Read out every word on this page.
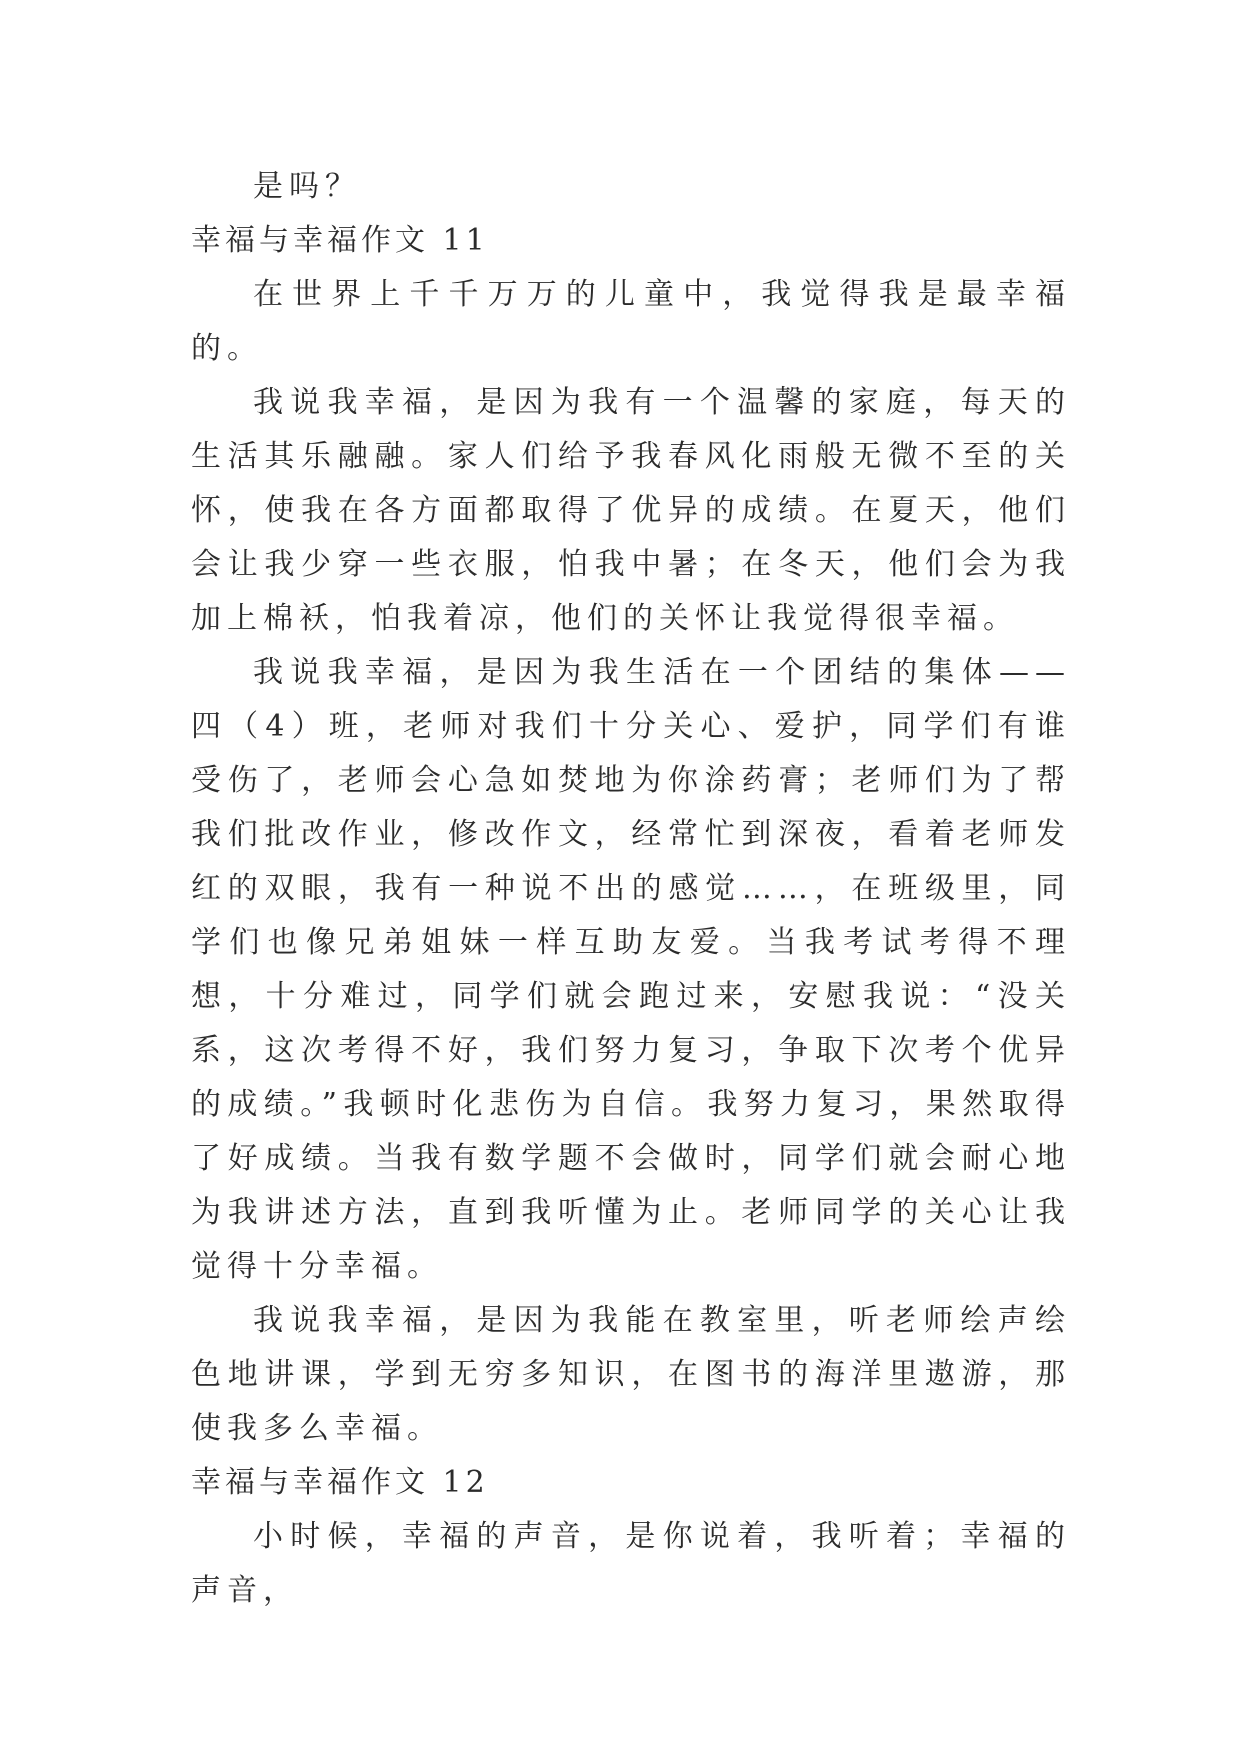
是吗？

幸福与幸福作文 11

在世界上千千万万的儿童中，我觉得我是最幸福的。

我说我幸福，是因为我有一个温馨的家庭，每天的生活其乐融融。家人们给予我春风化雨般无微不至的关怀，使我在各方面都取得了优异的成绩。在夏天，他们会让我少穿一些衣服，怕我中暑；在冬天，他们会为我加上棉袄，怕我着凉，他们的关怀让我觉得很幸福。

我说我幸福，是因为我生活在一个团结的集体——四（4）班，老师对我们十分关心、爱护，同学们有谁受伤了，老师会心急如焚地为你涂药膏；老师们为了帮我们批改作业，修改作文，经常忙到深夜，看着老师发红的双眼，我有一种说不出的感觉……，在班级里，同学们也像兄弟姐妹一样互助友爱。当我考试考得不理想，十分难过，同学们就会跑过来，安慰我说：“没关系，这次考得不好，我们努力复习，争取下次考个优异的成绩。”我顿时化悲伤为自信。我努力复习，果然取得了好成绩。当我有数学题不会做时，同学们就会耐心地为我讲述方法，直到我听懂为止。老师同学的关心让我觉得十分幸福。

我说我幸福，是因为我能在教室里，听老师绘声绘色地讲课，学到无穷多知识，在图书的海洋里遨游，那使我多么幸福。

幸福与幸福作文 12

小时候，幸福的声音，是你说着，我听着；幸福的声音，
